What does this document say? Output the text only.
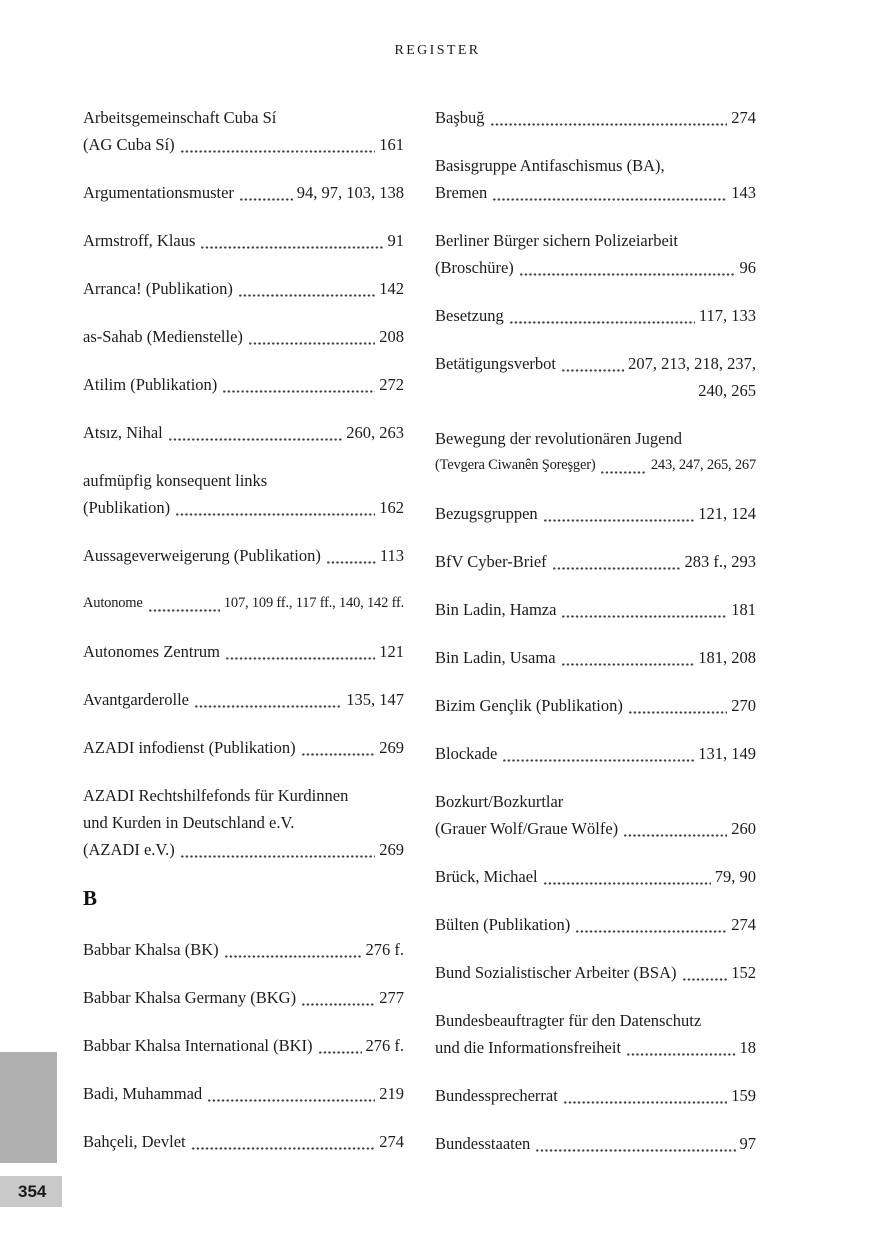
REGISTER
Arbeitsgemeinschaft Cuba Sí
(AG Cuba Sí)	161
Argumentationsmuster	94, 97, 103, 138
Armstroff, Klaus	91
Arranca! (Publikation)	142
as-Sahab (Medienstelle)	208
Atilim (Publikation)	272
Atsız, Nihal	260, 263
aufmüpfig konsequent links
(Publikation)	162
Aussageverweigerung (Publikation)	113
Autonome	107, 109 ff., 117 ff., 140, 142 ff.
Autonomes Zentrum	121
Avantgarderolle	135, 147
AZADI infodienst (Publikation)	269
AZADI Rechtshilfefonds für Kurdinnen
und Kurden in Deutschland e.V.
(AZADI e.V.)	269
B
Babbar Khalsa (BK)	276 f.
Babbar Khalsa Germany (BKG)	277
Babbar Khalsa International (BKI)	276 f.
Badi, Muhammad	219
Bahçeli, Devlet	274
Başbuğ	274
Basisgruppe Antifaschismus (BA),
Bremen	143
Berliner Bürger sichern Polizeiarbeit
(Broschüre)	96
Besetzung	117, 133
Betätigungsverbot	207, 213, 218, 237,
240, 265
Bewegung der revolutionären Jugend
(Tevgera Ciwanên Şoreşger)	243, 247, 265, 267
Bezugsgruppen	121, 124
BfV Cyber-Brief	283 f., 293
Bin Ladin, Hamza	181
Bin Ladin, Usama	181, 208
Bizim Gençlik (Publikation)	270
Blockade	131, 149
Bozkurt/Bozkurtlar
(Grauer Wolf/Graue Wölfe)	260
Brück, Michael	79, 90
Bülten (Publikation)	274
Bund Sozialistischer Arbeiter (BSA)	152
Bundesbeauftragter für den Datenschutz
und die Informationsfreiheit	18
Bundessprecherrat	159
Bundesstaaten	97
354
